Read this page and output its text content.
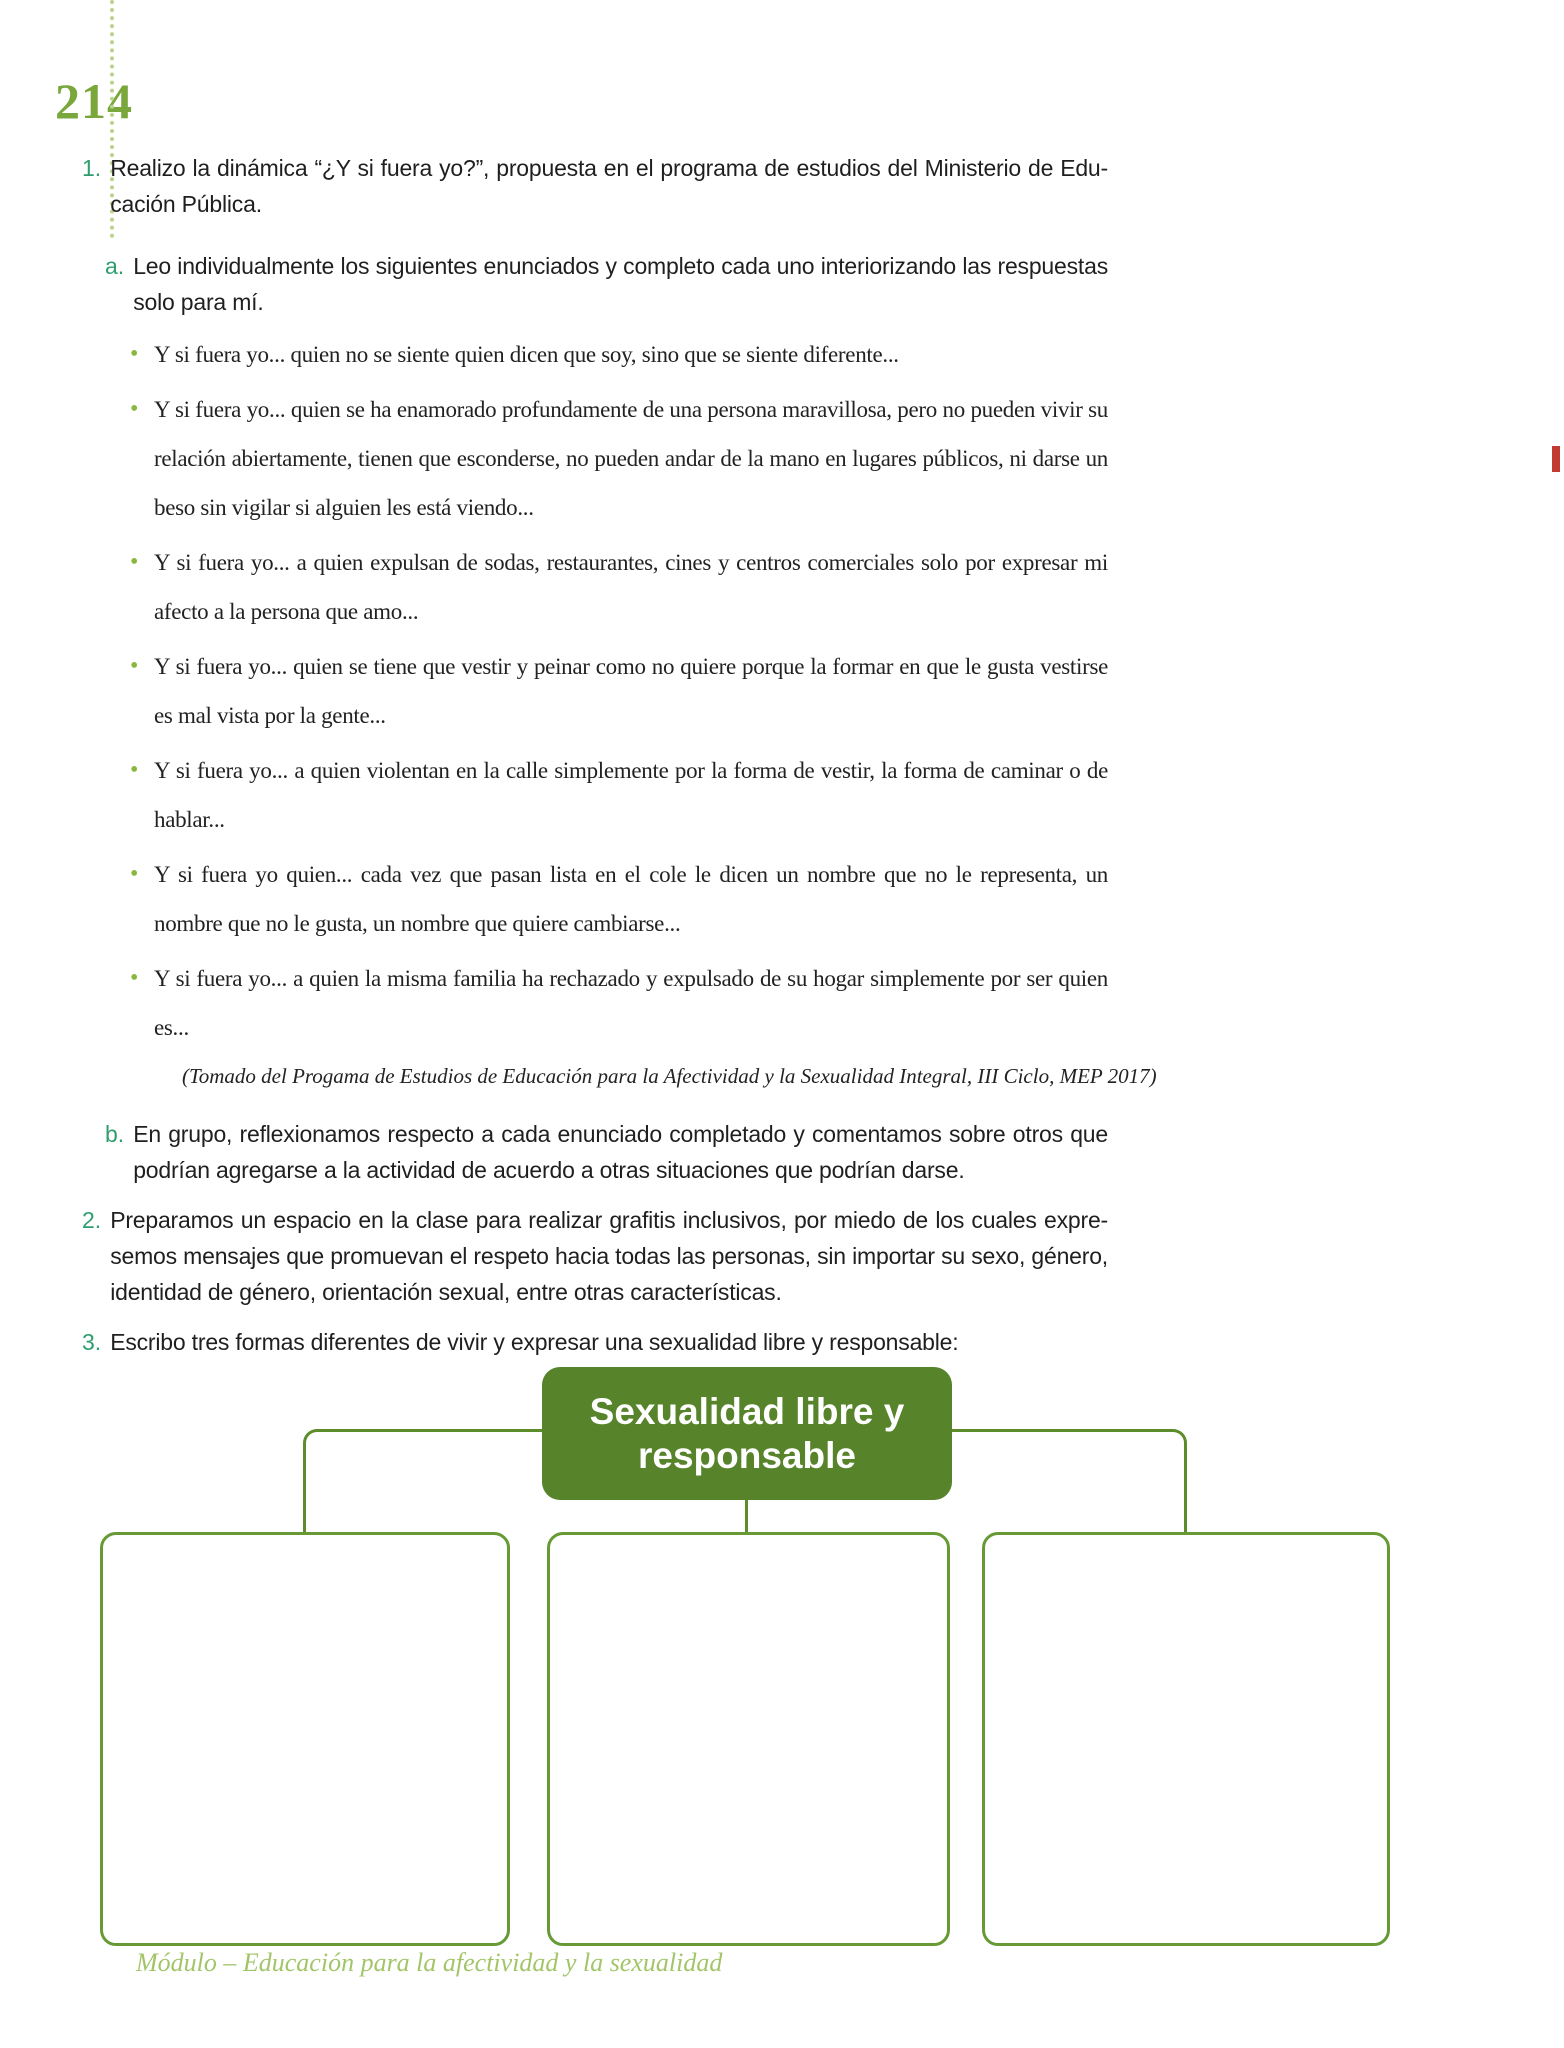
214
1. Realizo la dinámica “¿Y si fuera yo?”, propuesta en el programa de estudios del Ministerio de Edu-cación Pública.
a. Leo individualmente los siguientes enunciados y completo cada uno interiorizando las respuestas solo para mí.
• Y si fuera yo... quien no se siente quien dicen que soy, sino que se siente diferente...
• Y si fuera yo... quien se ha enamorado profundamente de una persona maravillosa, pero no pueden vivir su relación abiertamente, tienen que esconderse, no pueden andar de la mano en lugares públicos, ni darse un beso sin vigilar si alguien les está viendo...
• Y si fuera yo... a quien expulsan de sodas, restaurantes, cines y centros comerciales solo por expresar mi afecto a la persona que amo...
• Y si fuera yo... quien se tiene que vestir y peinar como no quiere porque la formar en que le gusta vestirse es mal vista por la gente...
• Y si fuera yo... a quien violentan en la calle simplemente por la forma de vestir, la forma de caminar o de hablar...
• Y si fuera yo quien... cada vez que pasan lista en el cole le dicen un nombre que no le representa, un nombre que no le gusta, un nombre que quiere cambiarse...
• Y si fuera yo... a quien la misma familia ha rechazado y expulsado de su hogar simplemente por ser quien es...
(Tomado del Progama de Estudios de Educación para la Afectividad y la Sexualidad Integral, III Ciclo, MEP 2017)
b. En grupo, reflexionamos respecto a cada enunciado completado y comentamos sobre otros que podrían agregarse a la actividad de acuerdo a otras situaciones que podrían darse.
2. Preparamos un espacio en la clase para realizar grafitis inclusivos, por miedo de los cuales expre-semos mensajes que promuevan el respeto hacia todas las personas, sin importar su sexo, género, identidad de género, orientación sexual, entre otras características.
3. Escribo tres formas diferentes de vivir y expresar una sexualidad libre y responsable:
Sexualidad libre y responsable
Módulo – Educación para la afectividad y la sexualidad
